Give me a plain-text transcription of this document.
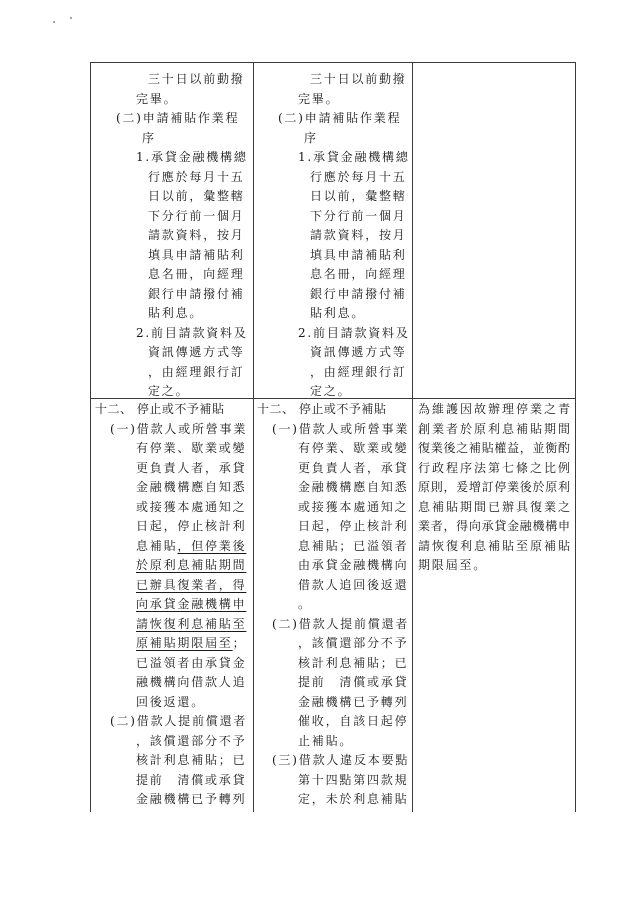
三十日以前動撥
完畢。
(二)申請補貼作業程
序
1.承貸金融機構總
行應於每月十五
日以前，彙整轄
下分行前一個月
請款資料，按月
填具申請補貼利
息名冊，向經理
銀行申請撥付補
貼利息。
2.前目請款資料及
資訊傳遞方式等
，由經理銀行訂
定之。
三十日以前動撥
完畢。
(二)申請補貼作業程
序
1.承貸金融機構總
行應於每月十五
日以前，彙整轄
下分行前一個月
請款資料，按月
填具申請補貼利
息名冊，向經理
銀行申請撥付補
貼利息。
2.前目請款資料及
資訊傳遞方式等
，由經理銀行訂
定之。
十二、 停止或不予補貼
(一)借款人或所營事業
有停業、歇業或變
更負責人者，承貸
金融機構應自知悉
或接獲本處通知之
日起，停止核計利
息補貼，但停業後
於原利息補貼期間
已辦具復業者，得
向承貸金融機構申
請恢復利息補貼至
原補貼期限屆至；
已溢領者由承貸金
融機構向借款人追
回後返還。
(二)借款人提前償還者
，該償還部分不予
核計利息補貼；已
提前　清償或承貸
金融機構已予轉列
十二、 停止或不予補貼
(一)借款人或所營事業
有停業、歇業或變
更負責人者，承貸
金融機構應自知悉
或接獲本處通知之
日起，停止核計利
息補貼；已溢領者
由承貸金融機構向
借款人追回後返還
。
(二)借款人提前償還者
，該償還部分不予
核計利息補貼；已
提前　清償或承貸
金融機構已予轉列
催收，自該日起停
止補貼。
(三)借款人違反本要點
第十四點第四款規
定，未於利息補貼
為維護因故辦理停業之青
創業者於原利息補貼期間
復業後之補貼權益，並衡酌
行政程序法第七條之比例
原則，爰增訂停業後於原利
息補貼期間已辦具復業之
業者，得向承貸金融機構申
請恢復利息補貼至原補貼
期限屆至。
